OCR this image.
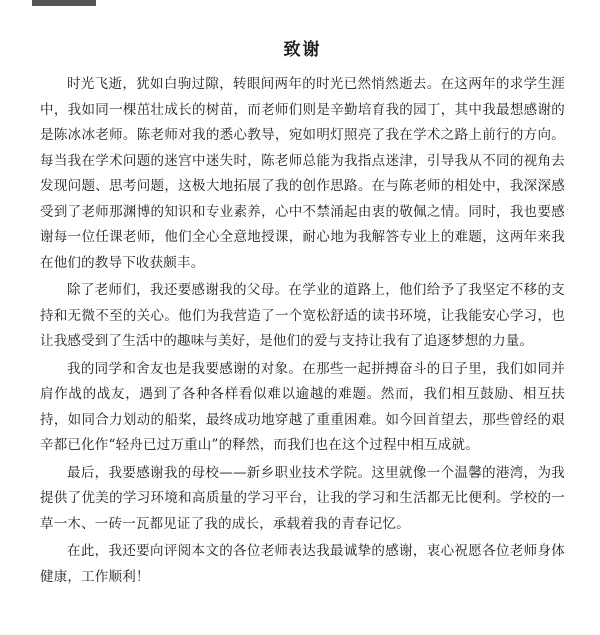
致谢

时光飞逝，犹如白驹过隙，转眼间两年的时光已然悄然逝去。在这两年的求学生涯中，我如同一棵茁壮成长的树苗，而老师们则是辛勤培育我的园丁，其中我最想感谢的是陈冰冰老师。陈老师对我的悉心教导，宛如明灯照亮了我在学术之路上前行的方向。每当我在学术问题的迷宫中迷失时，陈老师总能为我指点迷津，引导我从不同的视角去发现问题、思考问题，这极大地拓展了我的创作思路。在与陈老师的相处中，我深深感受到了老师那渊博的知识和专业素养，心中不禁涌起由衷的敬佩之情。同时，我也要感谢每一位任课老师，他们全心全意地授课，耐心地为我解答专业上的难题，这两年来我在他们的教导下收获颇丰。

除了老师们，我还要感谢我的父母。在学业的道路上，他们给予了我坚定不移的支持和无微不至的关心。他们为我营造了一个宽松舒适的读书环境，让我能安心学习，也让我感受到了生活中的趣味与美好，是他们的爱与支持让我有了追逐梦想的力量。

我的同学和舍友也是我要感谢的对象。在那些一起拼搏奋斗的日子里，我们如同并肩作战的战友，遇到了各种各样看似难以逾越的难题。然而，我们相互鼓励、相互扶持，如同合力划动的船桨，最终成功地穿越了重重困难。如今回首望去，那些曾经的艰辛都已化作“轻舟已过万重山”的释然，而我们也在这个过程中相互成就。

最后，我要感谢我的母校——新乡职业技术学院。这里就像一个温馨的港湾，为我提供了优美的学习环境和高质量的学习平台，让我的学习和生活都无比便利。学校的一草一木、一砖一瓦都见证了我的成长，承载着我的青春记忆。

在此，我还要向评阅本文的各位老师表达我最诚挚的感谢，衷心祝愿各位老师身体健康，工作顺利！
